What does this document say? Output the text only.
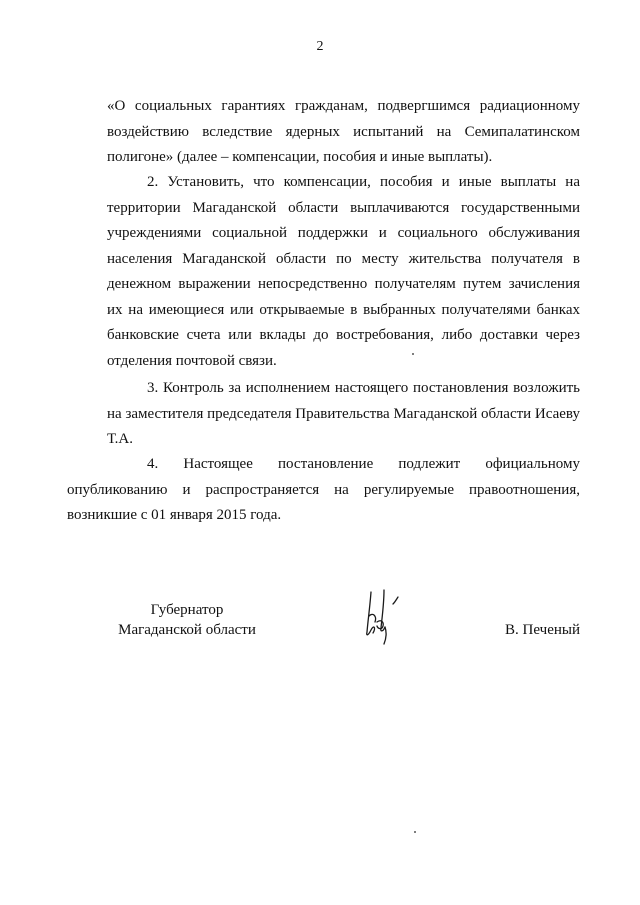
2

«О социальных гарантиях гражданам, подвергшимся радиационному воздействию вследствие ядерных испытаний на Семипалатинском полигоне» (далее – компенсации, пособия и иные выплаты).

2. Установить, что компенсации, пособия и иные выплаты на территории Магаданской области выплачиваются государственными учреждениями социальной поддержки и социального обслуживания населения Магаданской области по месту жительства получателя в денежном выражении непосредственно получателям путем зачисления их на имеющиеся или открываемые в выбранных получателями банках банковские счета или вклады до востребования, либо доставки через отделения почтовой связи.

3. Контроль за исполнением настоящего постановления возложить на заместителя председателя Правительства Магаданской области Исаеву Т.А.

4. Настоящее постановление подлежит официальному
опубликованию и распространяется на регулируемые правоотношения, возникшие с 01 января 2015 года.
Губернатор
Магаданской области	В. Печеный
